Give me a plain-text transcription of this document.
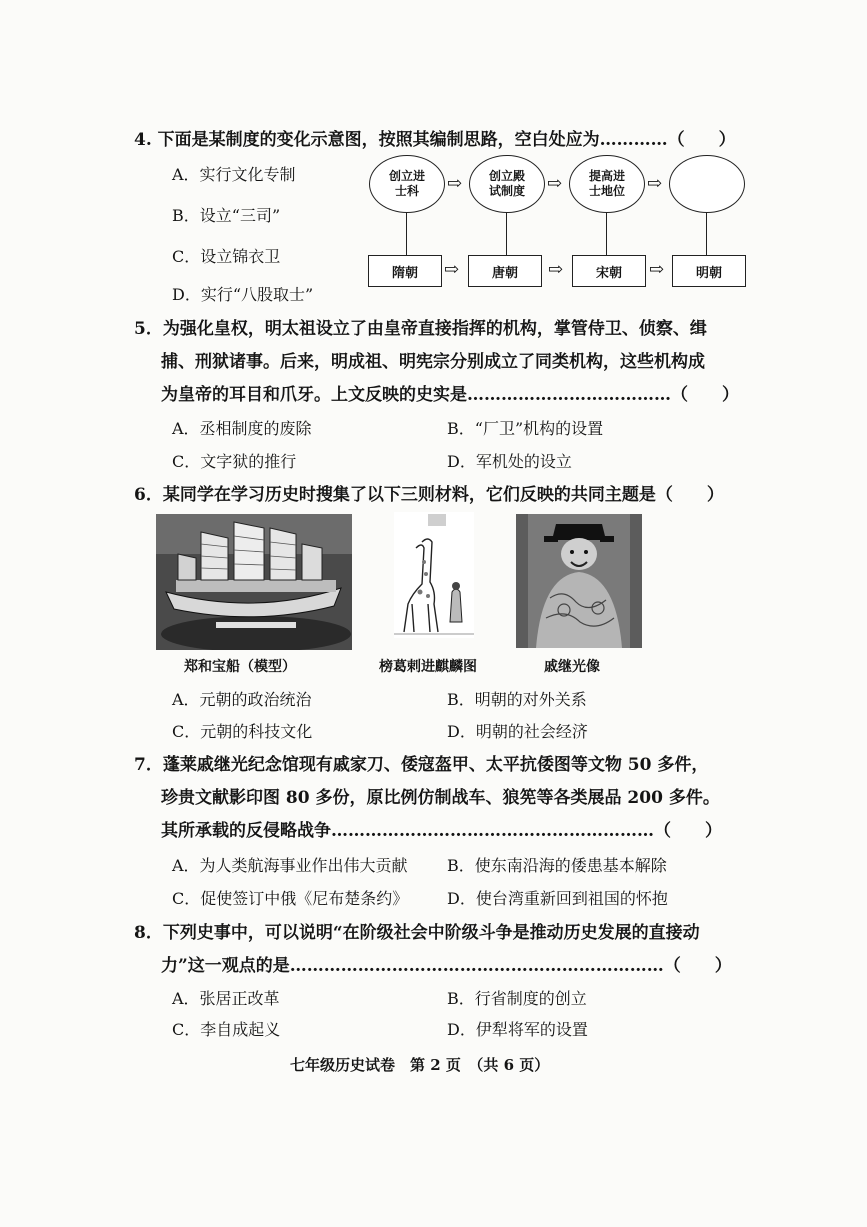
4. 下面是某制度的变化示意图，按照其编制思路，空白处应为…………（　　）
A．实行文化专制
B．设立“三司”
C．设立锦衣卫
D．实行“八股取士”
创立进
士科
创立殿
试制度
提高进
士地位
⇨	⇨	⇨
隋朝	唐朝	宋朝	明朝
⇨	⇨	⇨
5．为强化皇权，明太祖设立了由皇帝直接指挥的机构，掌管侍卫、侦察、缉
捕、刑狱诸事。后来，明成祖、明宪宗分别成立了同类机构，这些机构成
为皇帝的耳目和爪牙。上文反映的史实是………………………………（　　）
A．丞相制度的废除	B．“厂卫”机构的设置
C．文字狱的推行	D．军机处的设立
6．某同学在学习历史时搜集了以下三则材料，它们反映的共同主题是（　　）
郑和宝船（模型）	榜葛剌进麒麟图	戚继光像
A．元朝的政治统治	B．明朝的对外关系
C．元朝的科技文化	D．明朝的社会经济
7．蓬莱戚继光纪念馆现有戚家刀、倭寇盔甲、太平抗倭图等文物 50 多件，
珍贵文献影印图 80 多份，原比例仿制战车、狼筅等各类展品 200 多件。
其所承载的反侵略战争…………………………………………………（　　）
A．为人类航海事业作出伟大贡献 B．使东南沿海的倭患基本解除
C．促使签订中俄《尼布楚条约》 D．使台湾重新回到祖国的怀抱
8．下列史事中，可以说明“在阶级社会中阶级斗争是推动历史发展的直接动
力”这一观点的是…………………………………………………………（　　）
A．张居正改革	B．行省制度的创立
C．李自成起义	D．伊犁将军的设置
七年级历史试卷　第 2 页　（共 6 页）
